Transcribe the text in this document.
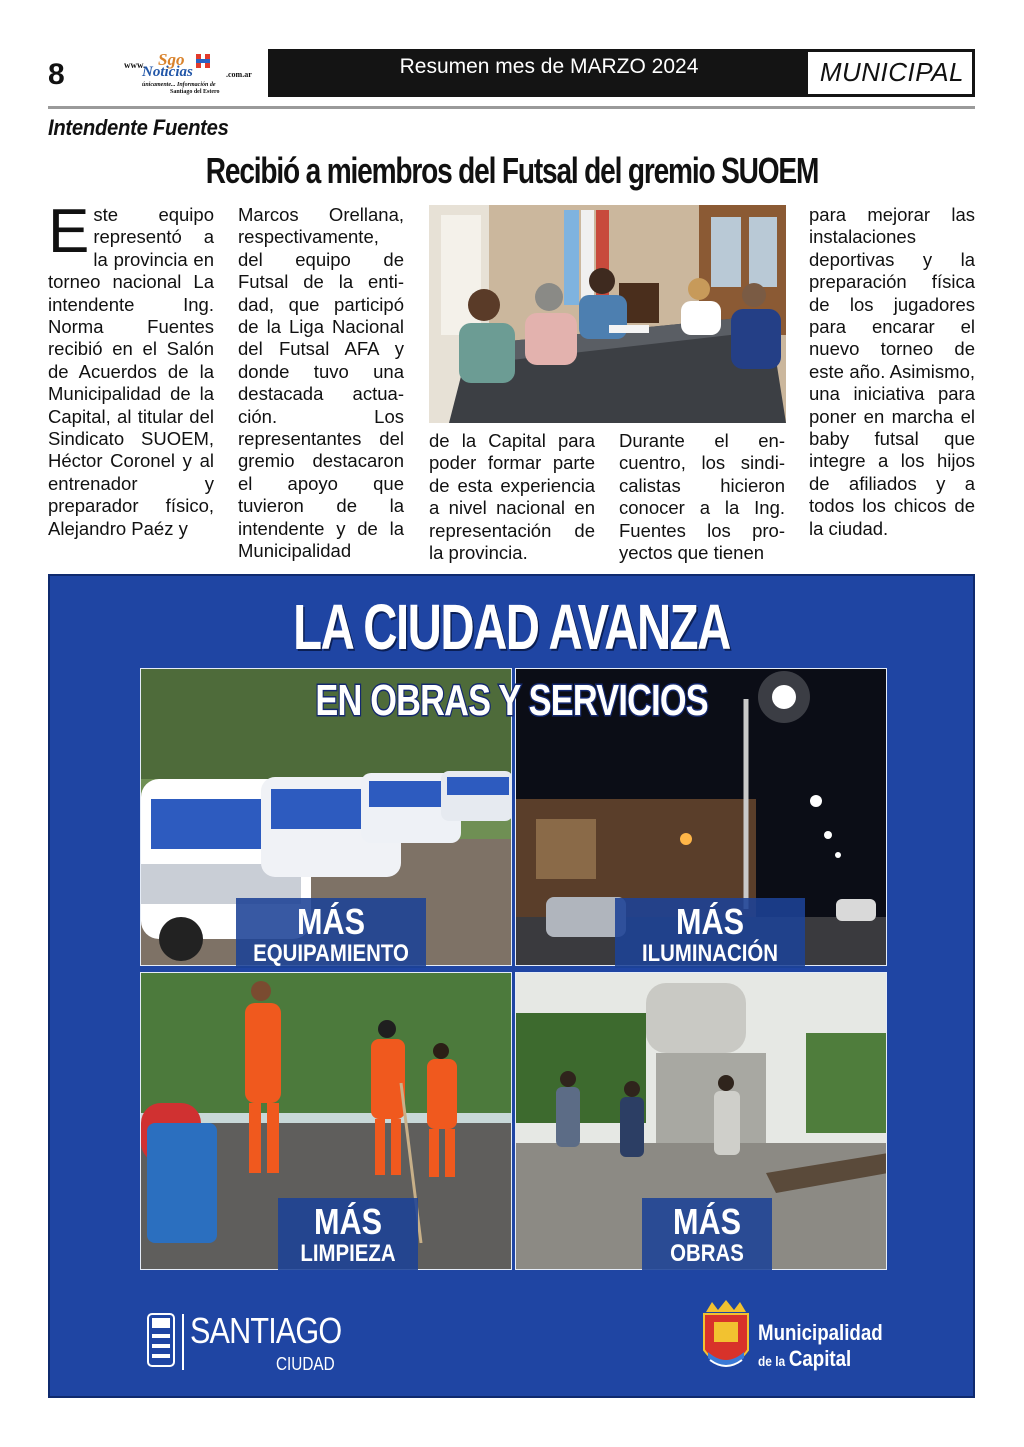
8	www. Sgo
Noticias	.com.ar
únicamente... Información de
Santiago del Estero
Resumen mes de MARZO 2024	MUNICIPAL
Intendente Fuentes
Recibió a miembros del Futsal del gremio SUOEM
Este equipo representó a la provincia en torneo nacional La intendente Ing. Norma Fuentes recibió en el Salón de Acuerdos de la Municipalidad de la Capital, al titular del Sindicato SUOEM, Héctor Coronel y al entrenador y preparador físico, Alejandro Paéz y
Marcos Orellana, respectivamente, del equipo de Futsal de la entidad, que participó de la Liga Nacional del Futsal AFA y donde tuvo una destacada actuación. Los representantes del gremio destacaron el apoyo que tuvieron de la intendente y de la Municipalidad
de la Capital para poder formar parte de esta experiencia a nivel nacional en representación de la provincia.
Durante el encuentro, los sindicalistas hicieron conocer a la Ing. Fuentes los proyectos que tienen
para mejorar las instalaciones deportivas y la preparación física de los jugadores para encarar el nuevo torneo de este año. Asimismo, una iniciativa para poner en marcha el baby futsal que integre a los hijos de afiliados y a todos los chicos de la ciudad.
LA CIUDAD AVANZA
EN OBRAS Y SERVICIOS
MÁS
EQUIPAMIENTO
MÁS
ILUMINACIÓN
MÁS
LIMPIEZA
MÁS
OBRAS
SANTIAGO
CIUDAD
Municipalidad
de la Capital
